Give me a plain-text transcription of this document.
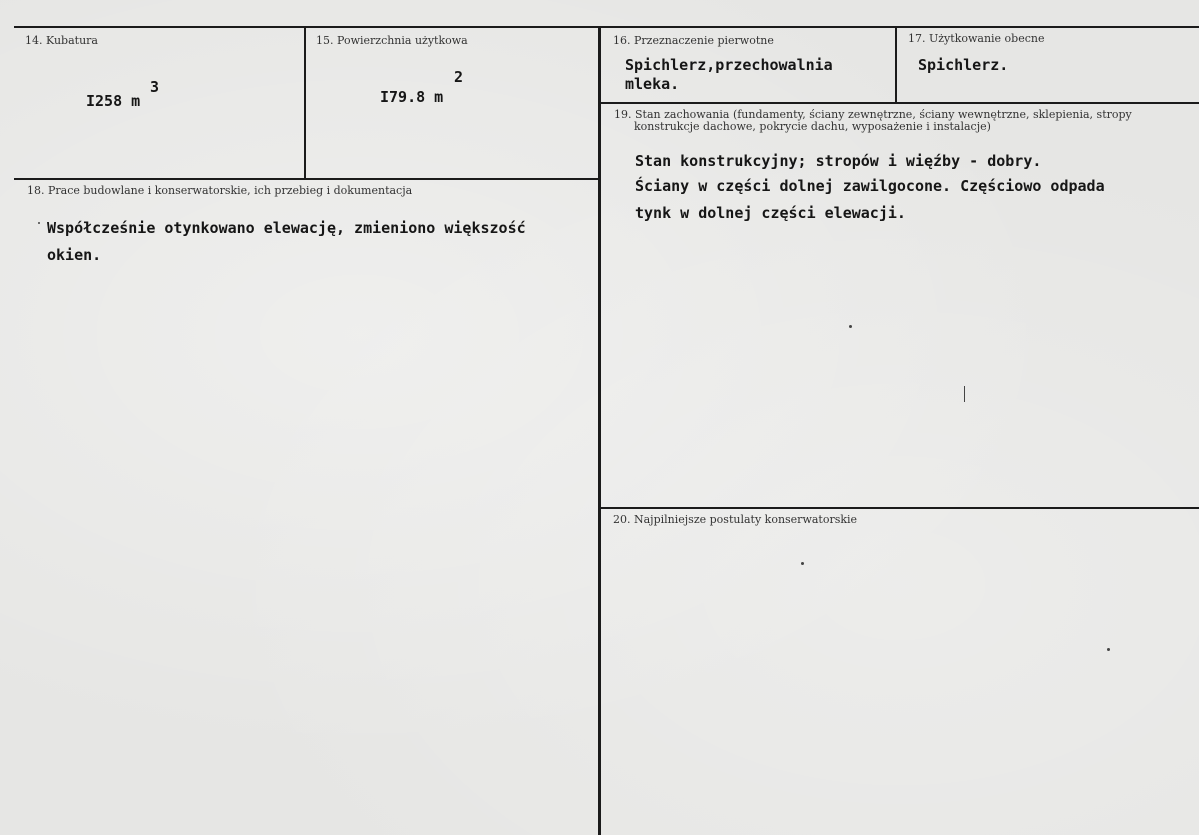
14. Kubatura
I258 m
3
15. Powierzchnia użytkowa
I79.8 m
2
16. Przeznaczenie pierwotne
Spichlerz,przechowalnia
mleka.
17. Użytkowanie obecne
Spichlerz.
18. Prace budowlane i konserwatorskie, ich przebieg i dokumentacja
Współcześnie otynkowano elewację, zmieniono większość
okien.
19. Stan zachowania (fundamenty, ściany zewnętrzne, ściany wewnętrzne, sklepienia, stropy
konstrukcje dachowe, pokrycie dachu, wyposażenie i instalacje)
Stan konstrukcyjny; stropów i więźby - dobry.
Ściany w części dolnej zawilgocone. Częściowo odpada
tynk w dolnej części elewacji.
20. Najpilniejsze postulaty konserwatorskie
